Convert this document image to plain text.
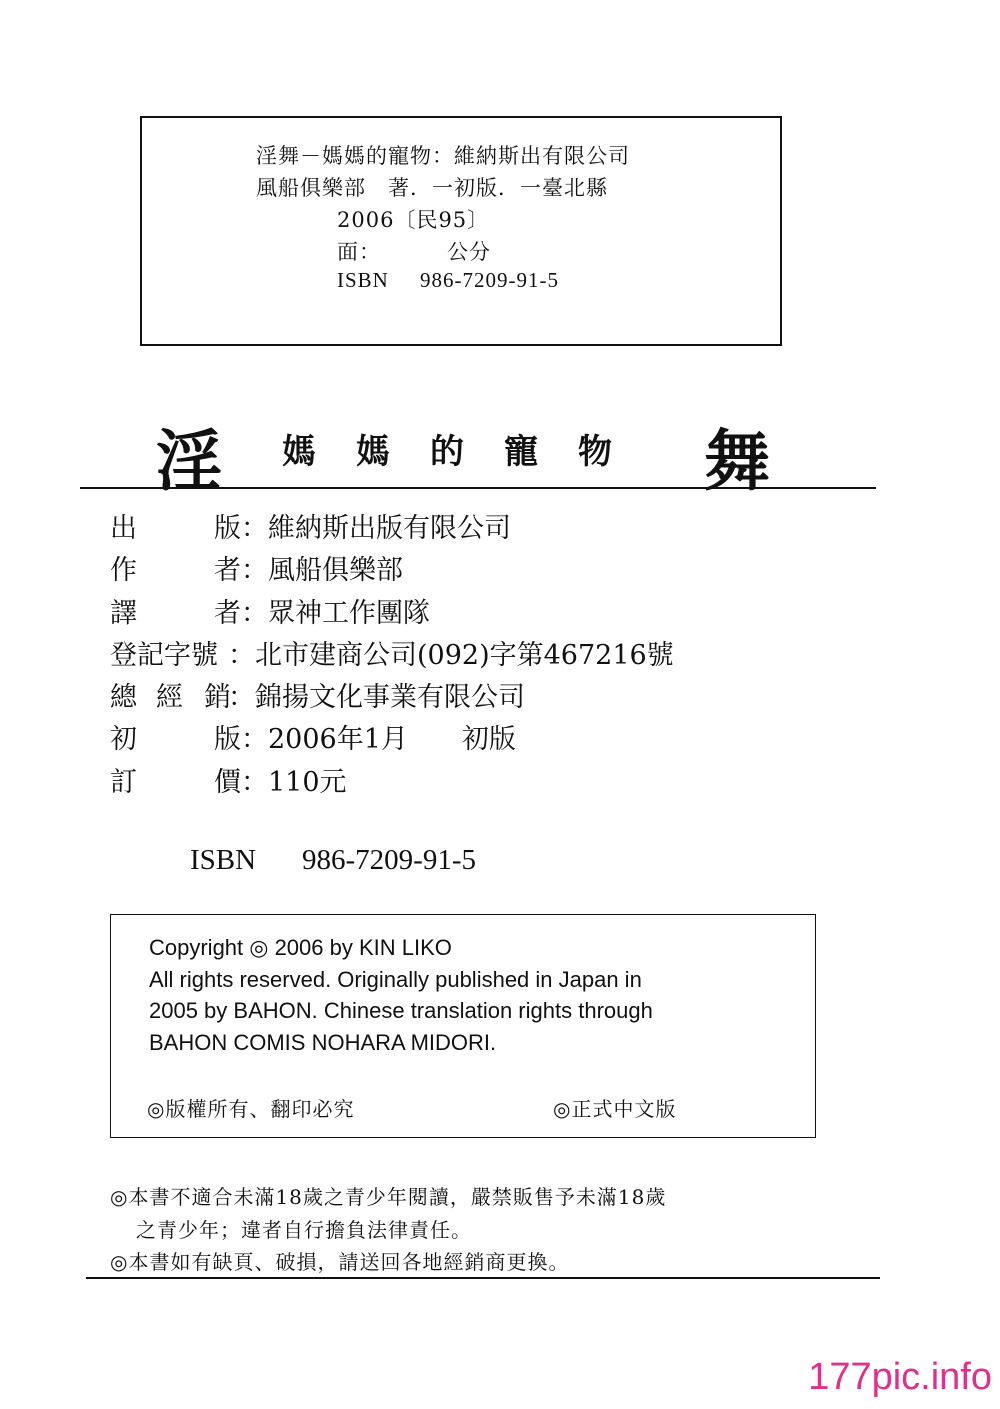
淫舞－媽媽的寵物：維納斯出有限公司
風船俱樂部　著．一初版．一臺北縣
2006〔民95〕
面：	公分
ISBN 986-7209-91-5
淫 媽 媽 的 寵 物 舞
出	版 ：維納斯出版有限公司
作	者 ：風船俱樂部
譯	者 ：眾神工作團隊
登記字號 ：北市建商公司(092)字第467216號
總 經 銷
：錦揚文化事業有限公司
初	版 ：2006年1月　　初版
訂	價 ：110元
ISBN 986-7209-91-5
Copyright ◎ 2006 by KIN LIKO
All rights reserved. Originally published in Japan in
2005 by BAHON. Chinese translation rights through
BAHON COMIS NOHARA MIDORI.
◎版權所有、翻印必究	◎正式中文版
◎本書不適合未滿18歲之青少年閱讀，嚴禁販售予未滿18歲
之青少年；違者自行擔負法律責任。
◎本書如有缺頁、破損，請送回各地經銷商更換。
177pic.info
